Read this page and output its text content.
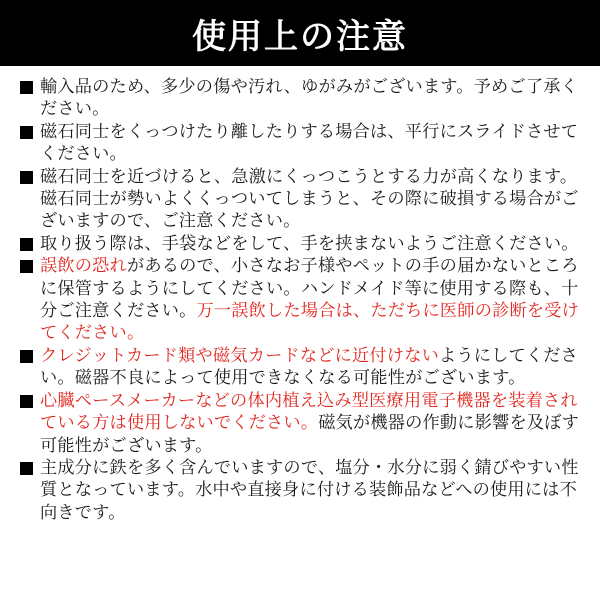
使用上の注意
輸入品のため、多少の傷や汚れ、ゆがみがございます。予めご了承ください。
磁石同士をくっつけたり離したりする場合は、平行にスライドさせてください。
磁石同士を近づけると、急激にくっつこうとする力が高くなります。磁石同士が勢いよくくっついてしまうと、その際に破損する場合がございますので、ご注意ください。
取り扱う際は、手袋などをして、手を挟まないようご注意ください。
誤飲の恐れがあるので、小さなお子様やペットの手の届かないところに保管するようにしてください。ハンドメイド等に使用する際も、十分ご注意ください。万一誤飲した場合は、ただちに医師の診断を受けてください。
クレジットカード類や磁気カードなどに近付けないようにしてください。磁器不良によって使用できなくなる可能性がございます。
心臓ペースメーカーなどの体内植え込み型医療用電子機器を装着されている方は使用しないでください。磁気が機器の作動に影響を及ぼす可能性がございます。
主成分に鉄を多く含んでいますので、塩分・水分に弱く錆びやすい性質となっています。水中や直接身に付ける装飾品などへの使用には不向きです。
